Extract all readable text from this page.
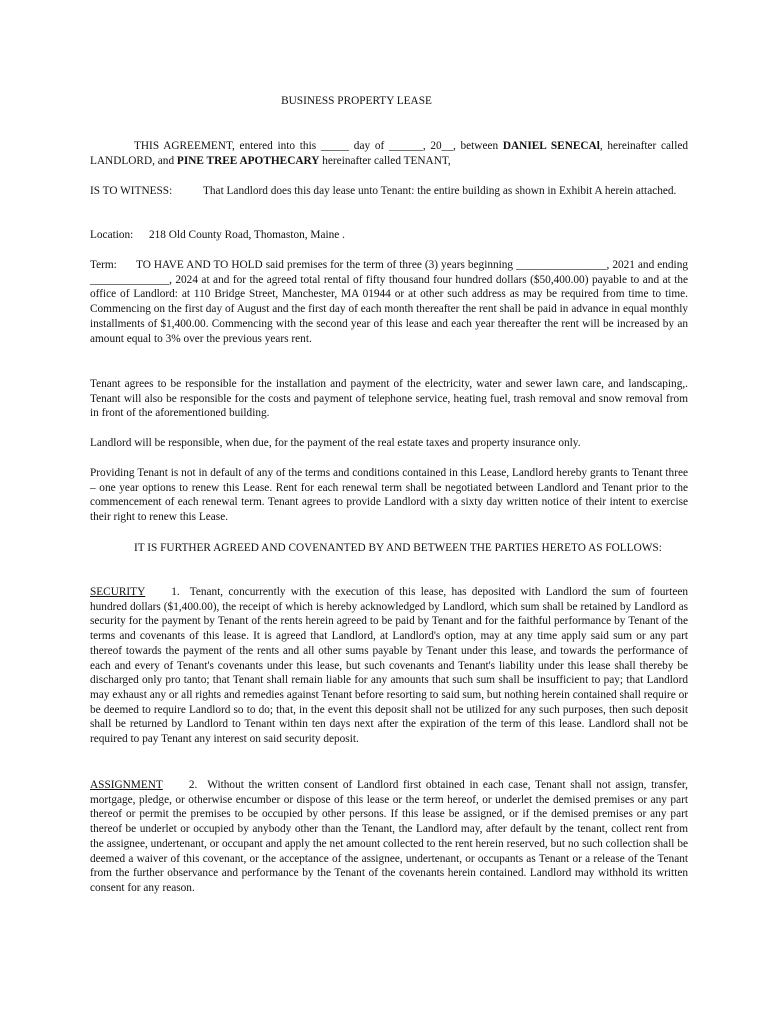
BUSINESS PROPERTY LEASE

THIS AGREEMENT, entered into this _____ day of ______, 20__, between DANIEL SENECAl, hereinafter called LANDLORD, and PINE TREE APOTHECARY hereinafter called TENANT,

IS TO WITNESS:	That Landlord does this day lease unto Tenant: the entire building as shown in Exhibit A herein attached.

Location: 218 Old County Road, Thomaston, Maine .

Term: TO HAVE AND TO HOLD said premises for the term of three (3) years beginning ________________, 2021 and ending ______________, 2024 at and for the agreed total rental of fifty thousand four hundred dollars ($50,400.00) payable to and at the office of Landlord: at 110 Bridge Street, Manchester, MA 01944 or at other such address as may be required from time to time. Commencing on the first day of August and the first day of each month thereafter the rent shall be paid in advance in equal monthly installments of $1,400.00. Commencing with the second year of this lease and each year thereafter the rent will be increased by an amount equal to 3% over the previous years rent.

Tenant agrees to be responsible for the installation and payment of the electricity, water and sewer lawn care, and landscaping,. Tenant will also be responsible for the costs and payment of telephone service, heating fuel, trash removal and snow removal from in front of the aforementioned building.

Landlord will be responsible, when due, for the payment of the real estate taxes and property insurance only.

Providing Tenant is not in default of any of the terms and conditions contained in this Lease, Landlord hereby grants to Tenant three – one year options to renew this Lease. Rent for each renewal term shall be negotiated between Landlord and Tenant prior to the commencement of each renewal term. Tenant agrees to provide Landlord with a sixty day written notice of their intent to exercise their right to renew this Lease.

IT IS FURTHER AGREED AND COVENANTED BY AND BETWEEN THE PARTIES HERETO AS FOLLOWS:

SECURITY 1. Tenant, concurrently with the execution of this lease, has deposited with Landlord the sum of fourteen hundred dollars ($1,400.00), the receipt of which is hereby acknowledged by Landlord, which sum shall be retained by Landlord as security for the payment by Tenant of the rents herein agreed to be paid by Tenant and for the faithful performance by Tenant of the terms and covenants of this lease. It is agreed that Landlord, at Landlord's option, may at any time apply said sum or any part thereof towards the payment of the rents and all other sums payable by Tenant under this lease, and towards the performance of each and every of Tenant's covenants under this lease, but such covenants and Tenant's liability under this lease shall thereby be discharged only pro tanto; that Tenant shall remain liable for any amounts that such sum shall be insufficient to pay; that Landlord may exhaust any or all rights and remedies against Tenant before resorting to said sum, but nothing herein contained shall require or be deemed to require Landlord so to do; that, in the event this deposit shall not be utilized for any such purposes, then such deposit shall be returned by Landlord to Tenant within ten days next after the expiration of the term of this lease. Landlord shall not be required to pay Tenant any interest on said security deposit.

ASSIGNMENT 2. Without the written consent of Landlord first obtained in each case, Tenant shall not assign, transfer, mortgage, pledge, or otherwise encumber or dispose of this lease or the term hereof, or underlet the demised premises or any part thereof or permit the premises to be occupied by other persons. If this lease be assigned, or if the demised premises or any part thereof be underlet or occupied by anybody other than the Tenant, the Landlord may, after default by the tenant, collect rent from the assignee, undertenant, or occupant and apply the net amount collected to the rent herein reserved, but no such collection shall be deemed a waiver of this covenant, or the acceptance of the assignee, undertenant, or occupants as Tenant or a release of the Tenant from the further observance and performance by the Tenant of the covenants herein contained. Landlord may withhold its written consent for any reason.
